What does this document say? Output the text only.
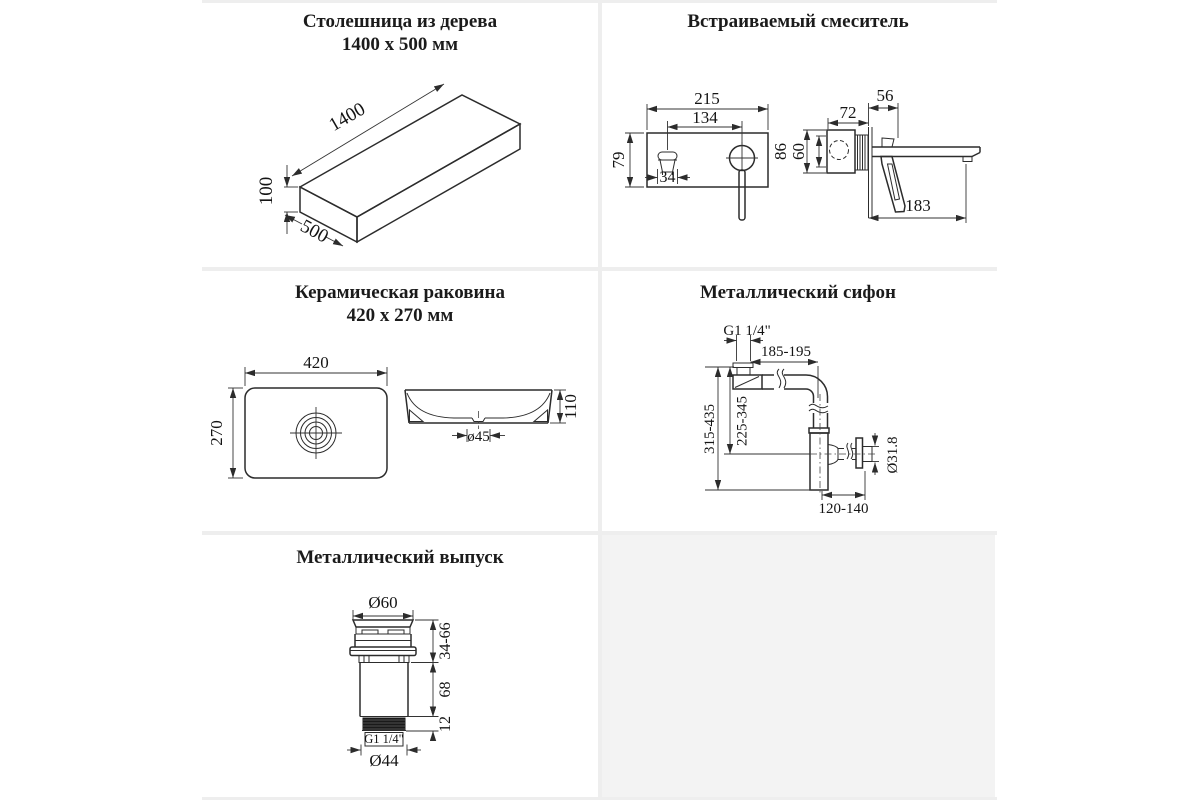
Столешница из дерева
1400 x 500 мм
Встраиваемый смеситель
Керамическая раковина
420 x 270 мм
Металлический сифон
Металлический выпуск
1400
100
500
215
134
79
34
56
72
86 60
183
420
270
110
ø45
G1 1/4"
185-195
315-435 225-345
Ø31.8
120-140
G1 1/4"
Ø60
Ø44
34-66
68
12
